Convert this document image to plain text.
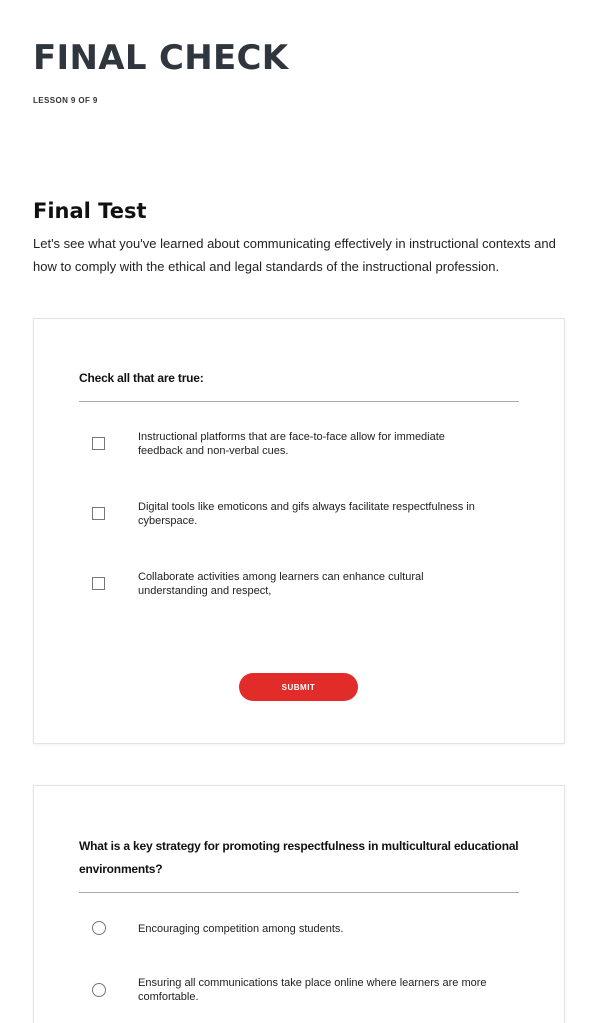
FINAL CHECK
LESSON 9 OF 9
Final Test

Let's see what you've learned about communicating effectively in instructional contexts and how to comply with the ethical and legal standards of the instructional profession.

Check all that are true:
Instructional platforms that are face-to-face allow for immediate feedback and non-verbal cues.
Digital tools like emoticons and gifs always facilitate respectfulness in cyberspace.
Collaborate activities among learners can enhance cultural understanding and respect,
SUBMIT
What is a key strategy for promoting respectfulness in multicultural educational environments?
Encouraging competition among students.
Ensuring all communications take place online where learners are more comfortable.
